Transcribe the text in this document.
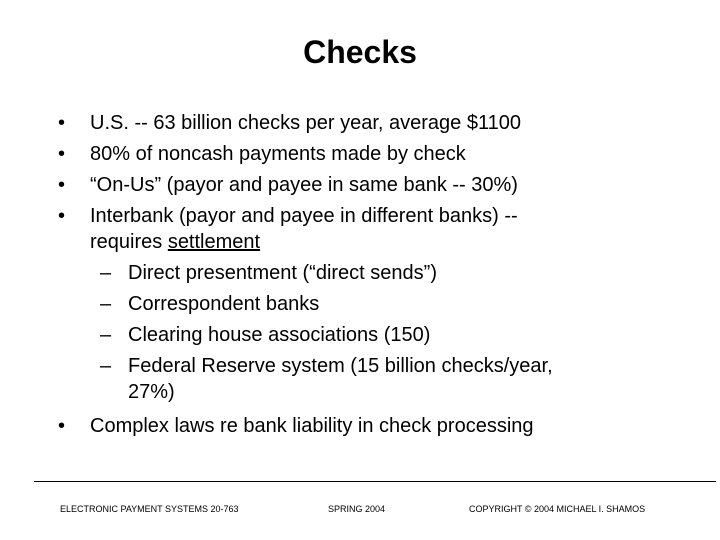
Checks
• U.S. -- 63 billion checks per year, average $1100
• 80% of noncash payments made by check
• “On-Us” (payor and payee in same bank -- 30%)
• Interbank (payor and payee in different banks) --
requires settlement
– Direct presentment (“direct sends”)
– Correspondent banks
– Clearing house associations (150)
– Federal Reserve system (15 billion checks/year,
27%)
• Complex laws re bank liability in check processing
ELECTRONIC PAYMENT SYSTEMS 20-763	SPRING 2004	COPYRIGHT © 2004 MICHAEL I. SHAMOS
